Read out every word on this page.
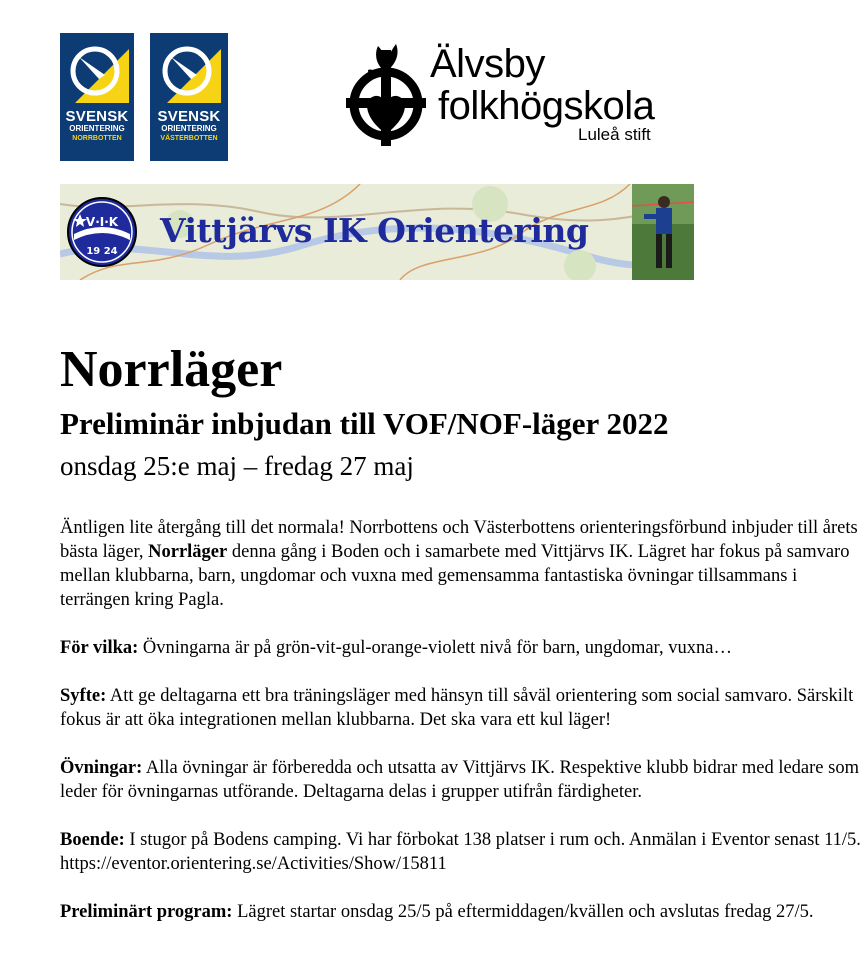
SVENSK
ORIENTERING
NORRBOTTEN
SVENSK
ORIENTERING
VÄSTERBOTTEN
Älvsby
folkhögskola
Luleå stift
V·I·K
19 24
Vittjärvs IK Orientering
Norrläger
Preliminär inbjudan till VOF/NOF-läger 2022
onsdag 25:e maj – fredag 27 maj

Äntligen lite återgång till det normala! Norrbottens och Västerbottens orienteringsförbund inbjuder till årets bästa läger, Norrläger denna gång i Boden och i samarbete med Vittjärvs IK. Lägret har fokus på samvaro mellan klubbarna, barn, ungdomar och vuxna med gemensamma fantastiska övningar tillsammans i terrängen kring Pagla.

För vilka: Övningarna är på grön-vit-gul-orange-violett nivå för barn, ungdomar, vuxna…

Syfte: Att ge deltagarna ett bra träningsläger med hänsyn till såväl orientering som social samvaro. Särskilt fokus är att öka integrationen mellan klubbarna. Det ska vara ett kul läger!

Övningar: Alla övningar är förberedda och utsatta av Vittjärvs IK. Respektive klubb bidrar med ledare som leder för övningarnas utförande. Deltagarna delas i grupper utifrån färdigheter.

Boende: I stugor på Bodens camping. Vi har förbokat 138 platser i rum och. Anmälan i Eventor senast 11/5. https://eventor.orientering.se/Activities/Show/15811

Preliminärt program: Lägret startar onsdag 25/5 på eftermiddagen/kvällen och avslutas fredag 27/5.
